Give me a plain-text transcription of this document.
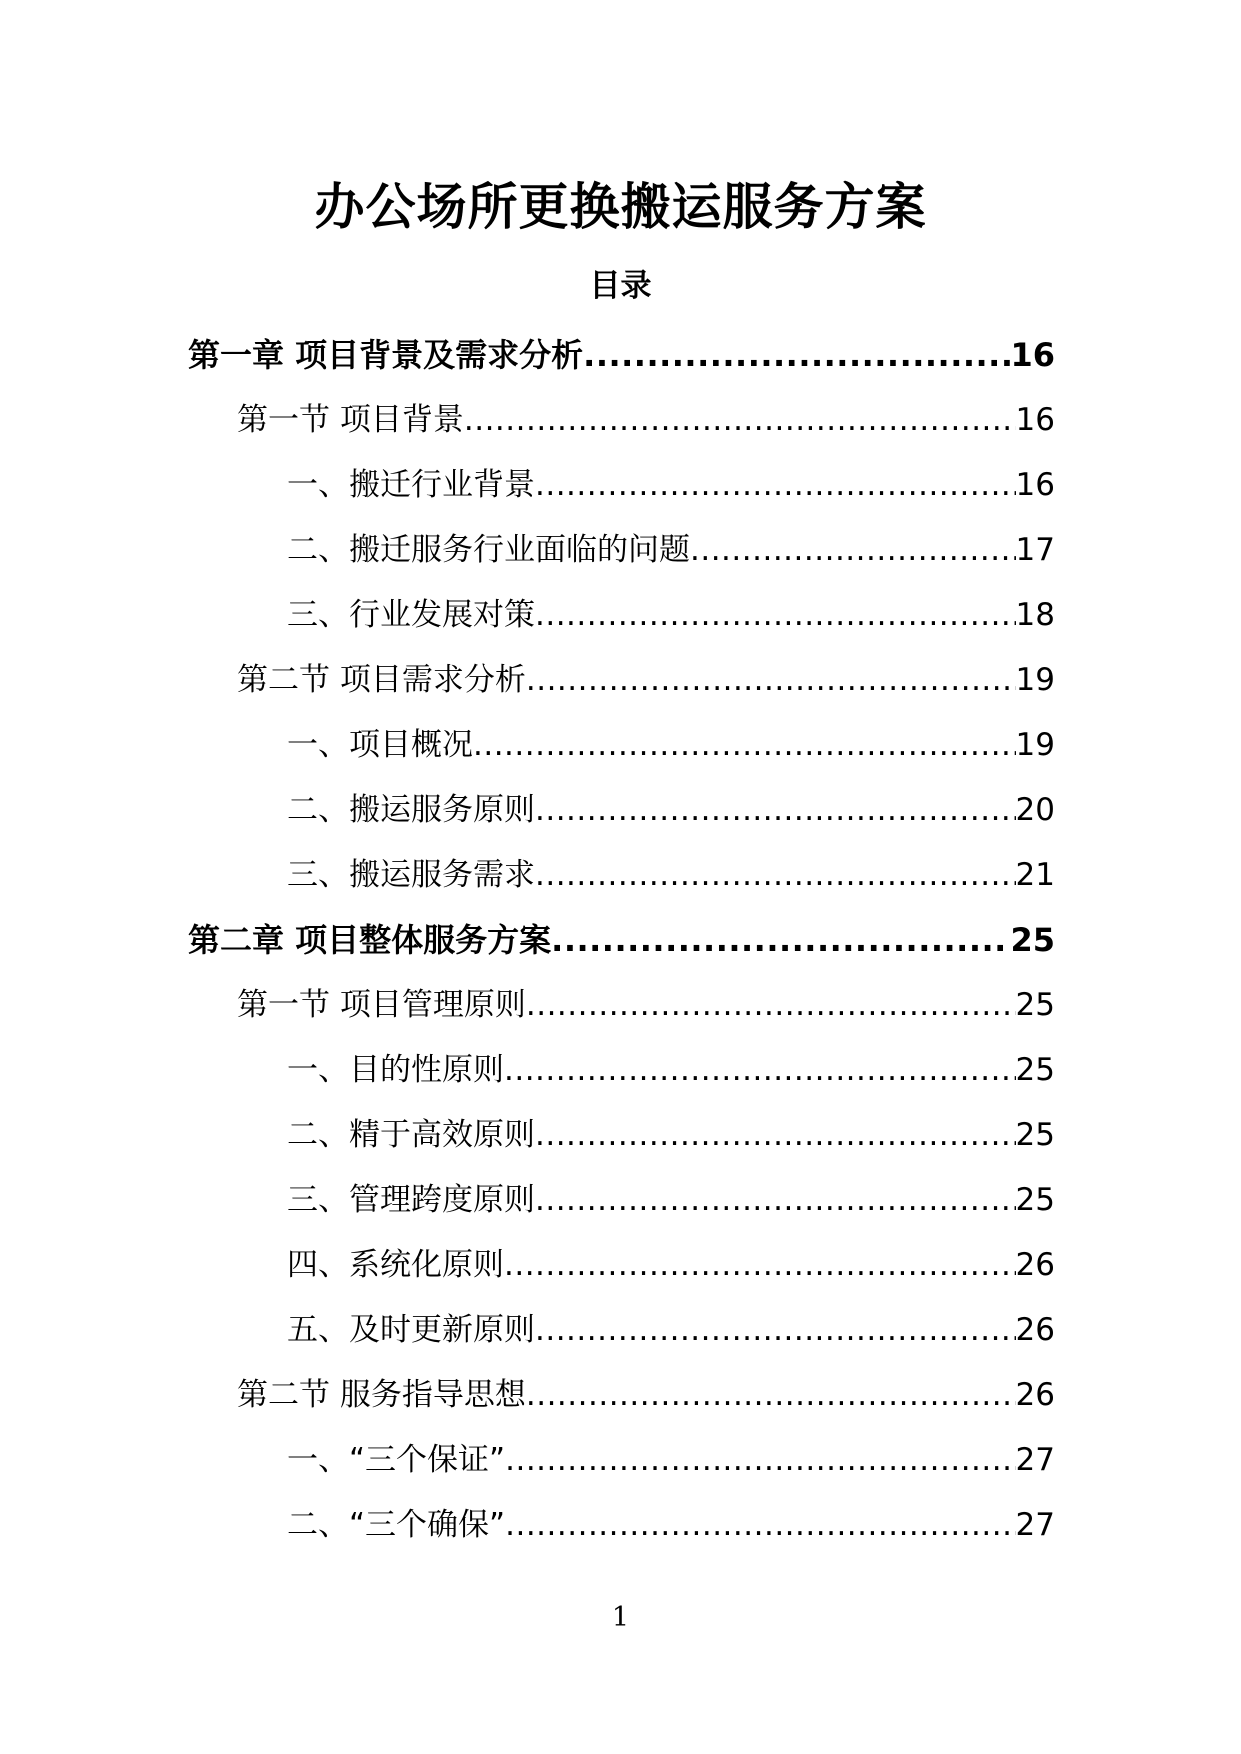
办公场所更换搬运服务方案
目录
第一章 项目背景及需求分析 .....	16
第一节 项目背景 .....	16
一、搬迁行业背景 .....	16
二、搬迁服务行业面临的问题 .....	17
三、行业发展对策 .....	18
第二节 项目需求分析 .....	19
一、项目概况 .....	19
二、搬运服务原则 .....	20
三、搬运服务需求 .....	21
第二章 项目整体服务方案 .....	25
第一节 项目管理原则 .....	25
一、目的性原则 .....	25
二、精于高效原则 .....	25
三、管理跨度原则 .....	25
四、系统化原则 .....	26
五、及时更新原则 .....	26
第二节 服务指导思想 .....	26
一、“三个保证” .....	27
二、“三个确保” .....	27
1
